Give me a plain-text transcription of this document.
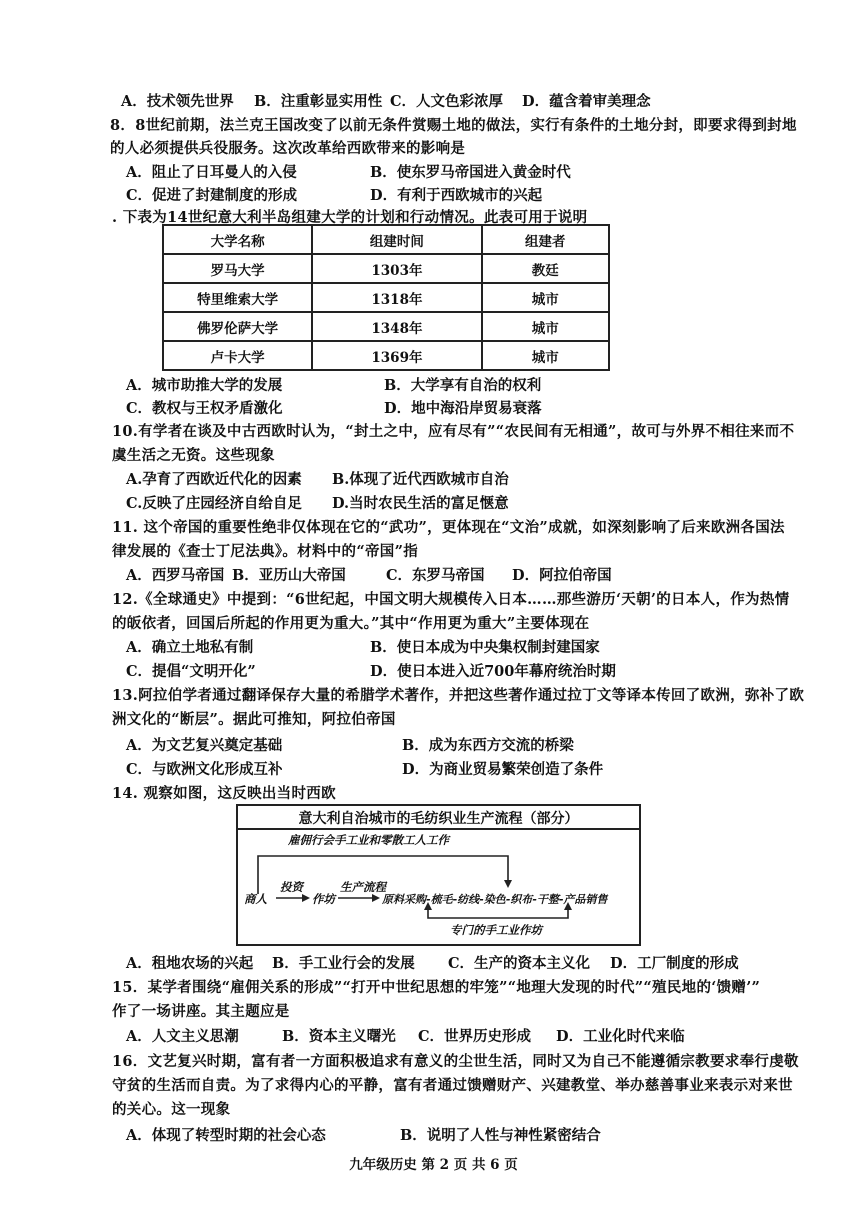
A．技术领先世界 B．注重彰显实用性 C．人文色彩浓厚 D．蕴含着审美理念
8．8世纪前期，法兰克王国改变了以前无条件赏赐土地的做法，实行有条件的土地分封，即要求得到封地
的人必须提供兵役服务。这次改革给西欧带来的影响是
A．阻止了日耳曼人的入侵	B．使东罗马帝国进入黄金时代
C．促进了封建制度的形成	D．有利于西欧城市的兴起
. 下表为14世纪意大利半岛组建大学的计划和行动情况。此表可用于说明
大学名称	组建时间	组建者
罗马大学	1303年	教廷
特里维索大学	1318年	城市
佛罗伦萨大学	1348年	城市
卢卡大学	1369年	城市
A．城市助推大学的发展	B．大学享有自治的权利
C．教权与王权矛盾激化	D．地中海沿岸贸易衰落
10.有学者在谈及中古西欧时认为，“封土之中，应有尽有”“农民间有无相通”，故可与外界不相往来而不
虞生活之无资。这些现象
A.孕育了西欧近代化的因素 B.体现了近代西欧城市自治
C.反映了庄园经济自给自足 D.当时农民生活的富足惬意
11. 这个帝国的重要性绝非仅体现在它的“武功”，更体现在“文治”成就，如深刻影响了后来欧洲各国法
律发展的《查士丁尼法典》。材料中的“帝国”指
A．西罗马帝国 B．亚历山大帝国	C．东罗马帝国 D．阿拉伯帝国
12.《全球通史》中提到：“6世纪起，中国文明大规模传入日本……那些游历‘天朝’的日本人，作为热情
的皈依者，回国后所起的作用更为重大。”其中“作用更为重大”主要体现在
A．确立土地私有制	B．使日本成为中央集权制封建国家
C．提倡“文明开化”	D．使日本进入近700年幕府统治时期
13.阿拉伯学者通过翻译保存大量的希腊学术著作，并把这些著作通过拉丁文等译本传回了欧洲，弥补了欧
洲文化的“断层”。据此可推知，阿拉伯帝国
A．为文艺复兴奠定基础	B．成为东西方交流的桥梁
C．与欧洲文化形成互补	D．为商业贸易繁荣创造了条件
14. 观察如图，这反映出当时西欧
意大利自治城市的毛纺织业生产流程（部分）
雇佣行会手工业和零散工人工作
商人
投资
作坊
生产流程
原料采购-梳毛-纺线-染色-织布-干整-产品销售
专门的手工业作坊
A．租地农场的兴起 B．手工业行会的发展 C．生产的资本主义化 D．工厂制度的形成
15．某学者围绕“雇佣关系的形成”“打开中世纪思想的牢笼”“地理大发现的时代”“殖民地的‘馈赠’”
作了一场讲座。其主题应是
A．人文主义思潮	B．资本主义曙光 C．世界历史形成 D．工业化时代来临
16．文艺复兴时期，富有者一方面积极追求有意义的尘世生活，同时又为自己不能遵循宗教要求奉行虔敬
守贫的生活而自责。为了求得内心的平静，富有者通过馈赠财产、兴建教堂、举办慈善事业来表示对来世
的关心。这一现象
A．体现了转型时期的社会心态	B．说明了人性与神性紧密结合
九年级历史 第 2 页 共 6 页
